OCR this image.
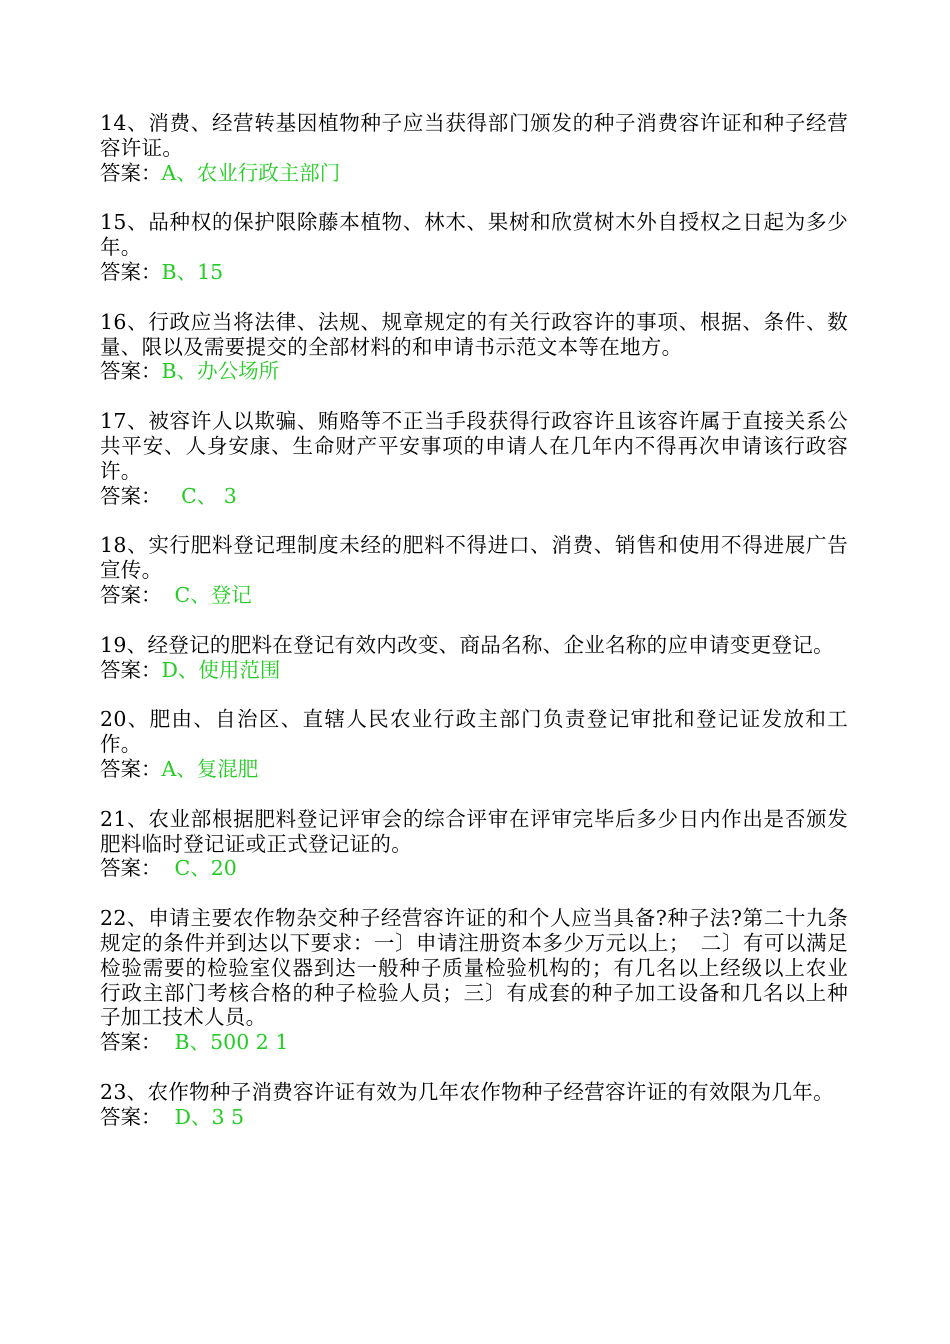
14、消费、经营转基因植物种子应当获得部门颁发的种子消费容许证和种子经营容许证。

答案：A、农业行政主部门

15、品种权的保护限除藤本植物、林木、果树和欣赏树木外自授权之日起为多少年。

答案：B、15

16、行政应当将法律、法规、规章规定的有关行政容许的事项、根据、条件、数量、限以及需要提交的全部材料的和申请书示范文本等在地方。

答案：B、办公场所

17、被容许人以欺骗、贿赂等不正当手段获得行政容许且该容许属于直接关系公共平安、人身安康、生命财产平安事项的申请人在几年内不得再次申请该行政容许。

答案： C、 3

18、实行肥料登记理制度未经的肥料不得进口、消费、销售和使用不得进展广告宣传。

答案： C、登记

19、经登记的肥料在登记有效内改变、商品名称、企业名称的应申请变更登记。

答案：D、使用范围

20、肥由、自治区、直辖人民农业行政主部门负责登记审批和登记证发放和工作。

答案：A、复混肥

21、农业部根据肥料登记评审会的综合评审在评审完毕后多少日内作出是否颁发肥料临时登记证或正式登记证的。

答案： C、20

22、申请主要农作物杂交种子经营容许证的和个人应当具备?种子法?第二十九条规定的条件并到达以下要求：一〕申请注册资本多少万元以上；　二〕有可以满足检验需要的检验室仪器到达一般种子质量检验机构的；有几名以上经级以上农业行政主部门考核合格的种子检验人员；三〕有成套的种子加工设备和几名以上种子加工技术人员。

答案： B、500 2 1

23、农作物种子消费容许证有效为几年农作物种子经营容许证的有效限为几年。

答案： D、3 5
